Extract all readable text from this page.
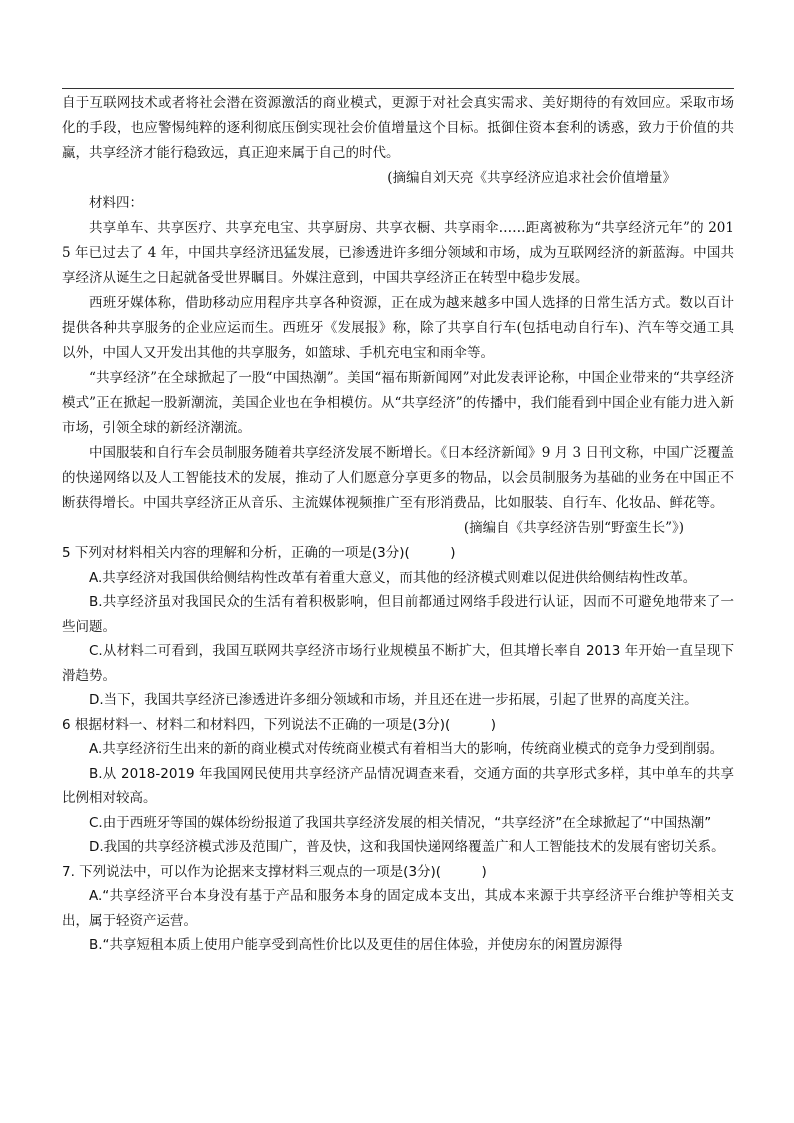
自于互联网技术或者将社会潜在资源激活的商业模式，更源于对社会真实需求、美好期待的有效回应。采取市场化的手段，也应警惕纯粹的逐利彻底压倒实现社会价值增量这个目标。抵御住资本套利的诱惑，致力于价值的共赢，共享经济才能行稳致远，真正迎来属于自己的时代。

(摘编自刘天亮《共享经济应追求社会价值增量》

材料四：

共享单车、共享医疗、共享充电宝、共享厨房、共享衣橱、共享雨伞……距离被称为“共享经济元年”的 2015 年已过去了 4 年，中国共享经济迅猛发展，已渗透进许多细分领域和市场，成为互联网经济的新蓝海。中国共享经济从诞生之日起就备受世界瞩目。外媒注意到，中国共享经济正在转型中稳步发展。

西班牙媒体称，借助移动应用程序共享各种资源，正在成为越来越多中国人选择的日常生活方式。数以百计提供各种共享服务的企业应运而生。西班牙《发展报》称，除了共享自行车(包括电动自行车)、汽车等交通工具以外，中国人又开发出其他的共享服务，如篮球、手机充电宝和雨伞等。

“共享经济”在全球掀起了一股“中国热潮”。美国“福布斯新闻网”对此发表评论称，中国企业带来的“共享经济模式”正在掀起一股新潮流，美国企业也在争相模仿。从“共享经济”的传播中，我们能看到中国企业有能力进入新市场，引领全球的新经济潮流。

中国服装和自行车会员制服务随着共享经济发展不断增长。《日本经济新闻》9 月 3 日刊文称，中国广泛覆盖的快递网络以及人工智能技术的发展，推动了人们愿意分享更多的物品，以会员制服务为基础的业务在中国正不断获得增长。中国共享经济正从音乐、主流媒体视频推广至有形消费品，比如服装、自行车、化妆品、鲜花等。

(摘编自《共享经济告别“野蛮生长”》)

5 下列对材料相关内容的理解和分析，正确的一项是(3分)(　　　)

A.共享经济对我国供给侧结构性改革有着重大意义，而其他的经济模式则难以促进供给侧结构性改革。

B.共享经济虽对我国民众的生活有着积极影响，但目前都通过网络手段进行认证，因而不可避免地带来了一些问题。

C.从材料二可看到，我国互联网共享经济市场行业规模虽不断扩大，但其增长率自 2013 年开始一直呈现下滑趋势。

D.当下，我国共享经济已渗透进许多细分领域和市场，并且还在进一步拓展，引起了世界的高度关注。

6 根据材料一、材料二和材料四，下列说法不正确的一项是(3分)(　　　)

A.共享经济衍生出来的新的商业模式对传统商业模式有着相当大的影响，传统商业模式的竞争力受到削弱。

B.从 2018-2019 年我国网民使用共享经济产品情况调查来看，交通方面的共享形式多样，其中单车的共享比例相对较高。

C.由于西班牙等国的媒体纷纷报道了我国共享经济发展的相关情况，“共享经济”在全球掀起了“中国热潮”

D.我国的共享经济模式涉及范围广，普及快，这和我国快递网络覆盖广和人工智能技术的发展有密切关系。

7. 下列说法中，可以作为论据来支撑材料三观点的一项是(3分)(　　　)

A.“共享经济平台本身没有基于产品和服务本身的固定成本支出，其成本来源于共享经济平台维护等相关支出，属于轻资产运营。

B.“共享短租本质上使用户能享受到高性价比以及更佳的居住体验，并使房东的闲置房源得
